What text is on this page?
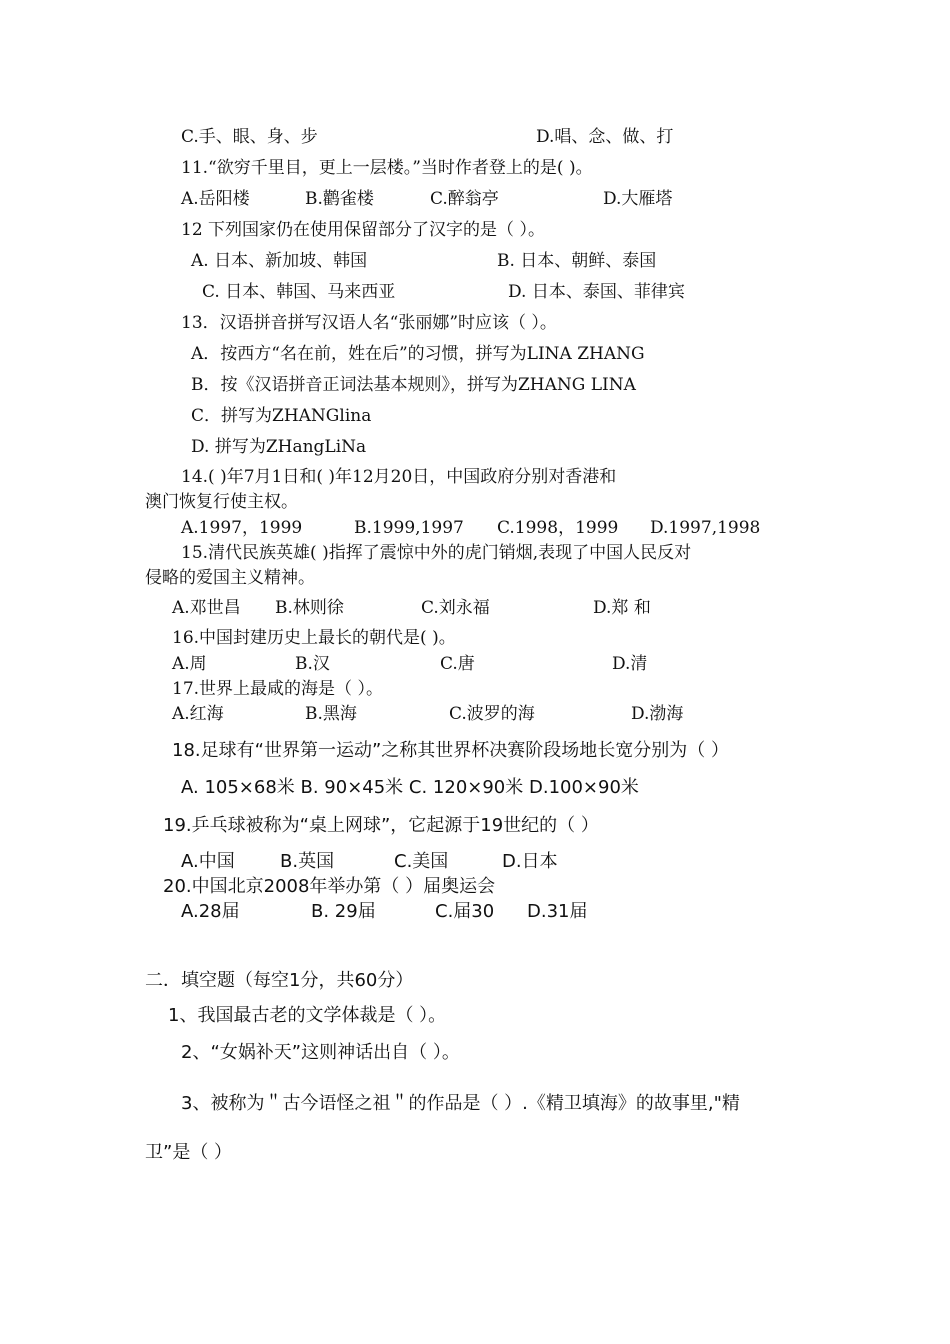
C.手、眼、身、步	D.唱、念、做、打
11.“欲穷千里目，更上一层楼。”当时作者登上的是( )。
A.岳阳楼	B.鹳雀楼	C.醉翁亭	D.大雁塔
12 下列国家仍在使用保留部分了汉字的是（ ）。
A. 日本、新加坡、韩国	B. 日本、朝鲜、泰国
C. 日本、韩国、马来西亚	D. 日本、泰国、菲律宾
13．汉语拼音拼写汉语人名“张丽娜”时应该（ ）。
A．按西方“名在前，姓在后”的习惯，拼写为LINA ZHANG
B．按《汉语拼音正词法基本规则》，拼写为ZHANG LINA
C．拼写为ZHANGlina
D. 拼写为ZHangLiNa
14.( )年7月1日和( )年12月20日，中国政府分别对香港和
澳门恢复行使主权。
A.1997，1999	B.1999,1997 C.1998，1999 D.1997,1998
15.清代民族英雄( )指挥了震惊中外的虎门销烟,表现了中国人民反对
侵略的爱国主义精神。
A.邓世昌 B.林则徐	C.刘永福	D.郑 和
16.中国封建历史上最长的朝代是( )。
A.周	B.汉	C.唐	D.清
17.世界上最咸的海是（ ）。
A.红海	B.黑海	C.波罗的海	D.渤海
18.足球有“世界第一运动”之称其世界杯决赛阶段场地长宽分别为（ ）
A. 105×68米 B. 90×45米 C. 120×90米 D.100×90米
19.乒乓球被称为“桌上网球”，它起源于19世纪的（ ）
A.中国	B.英国	C.美国	D.日本
20.中国北京2008年举办第（ ）届奥运会
A.28届	B. 29届	C.届30 D.31届
二．填空题（每空1分，共60分）
1、我国最古老的文学体裁是（ ）。
2、“女娲补天”这则神话出自（ ）。
3、被称为＂古今语怪之祖＂的作品是（ ）.《精卫填海》的故事里,"精
卫”是（ ）
